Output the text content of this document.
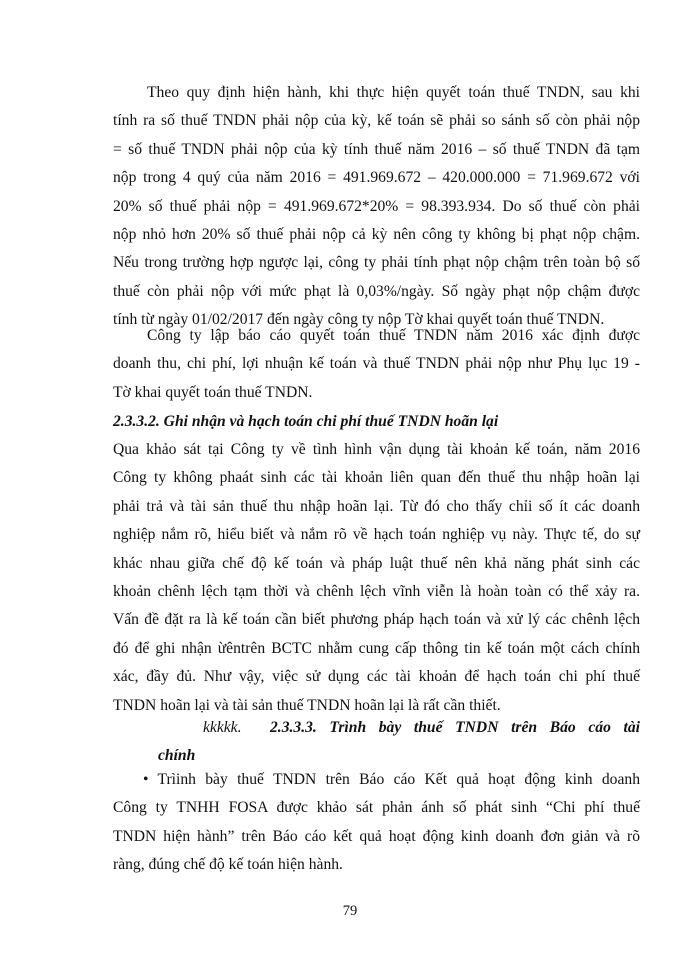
Theo quy định hiện hành, khi thực hiện quyết toán thuế TNDN, sau khi
tính ra số thuế TNDN phải nộp của kỳ, kế toán sẽ phải so sánh số còn phải nộp
= số thuế TNDN phải nộp của kỳ tính thuế năm 2016 – số thuế TNDN đã tạm
nộp trong 4 quý của năm 2016 = 491.969.672 – 420.000.000 = 71.969.672 với
20% số thuế phải nộp = 491.969.672*20% = 98.393.934. Do số thuế còn phải
nộp nhỏ hơn 20% số thuế phải nộp cả kỳ nên công ty không bị phạt nộp chậm.
Nếu trong trường hợp ngược lại, công ty phải tính phạt nộp chậm trên toàn bộ số
thuế còn phải nộp với mức phạt là 0,03%/ngày. Số ngày phạt nộp chậm được
tính từ ngày 01/02/2017 đến ngày công ty nộp Tờ khai quyết toán thuế TNDN.
Công ty lập báo cáo quyết toán thuế TNDN năm 2016 xác định được
doanh thu, chi phí, lợi nhuận kế toán và thuế TNDN phải nộp như Phụ lục 19 -
Tờ khai quyết toán thuế TNDN.
2.3.3.2. Ghi nhận và hạch toán chi phí thuế TNDN hoãn lại
Qua khảo sát tại Công ty về tình hình vận dụng tài khoản kế toán, năm 2016
Công ty không phaát sinh các tài khoản liên quan đến thuế thu nhập hoãn lại
phải trả và tài sản thuế thu nhập hoãn lại. Từ đó cho thấy chỉi số ít các doanh
nghiệp nắm rõ, hiểu biết và nắm rõ về hạch toán nghiệp vụ này. Thực tế, do sự
khác nhau giữa chế độ kế toán và pháp luật thuế nên khả năng phát sinh các
khoản chênh lệch tạm thời và chênh lệch vĩnh viễn là hoàn toàn có thể xảy ra.
Vấn đề đặt ra là kế toán cần biết phương pháp hạch toán và xử lý các chênh lệch
đó để ghi nhận ừêntrên BCTC nhằm cung cấp thông tin kế toán một cách chính
xác, đầy đủ. Như vậy, việc sử dụng các tài khoản để hạch toán chi phí thuế
TNDN hoãn lại và tài sản thuế TNDN hoãn lại là rất cần thiết.
kkkkk. 2.3.3.3. Trình bày thuế TNDN trên Báo cáo tài
chính
• Trìinh bày thuế TNDN trên Báo cáo Kết quả hoạt động kinh doanh
Công ty TNHH FOSA được khảo sát phản ánh số phát sinh “Chi phí thuế
TNDN hiện hành” trên Báo cáo kết quả hoạt động kinh doanh đơn giản và rõ
ràng, đúng chế độ kế toán hiện hành.
79
